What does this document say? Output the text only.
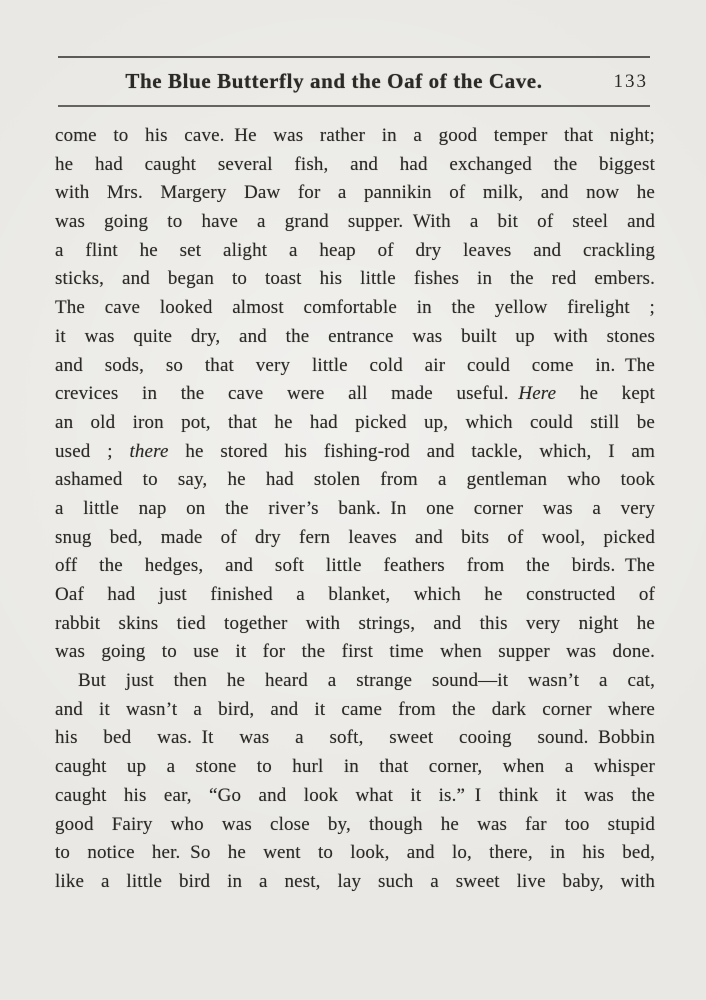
The Blue Butterfly and the Oaf of the Cave.	133
come to his cave. He was rather in a good temper that night;
he had caught several fish, and had exchanged the biggest
with Mrs. Margery Daw for a pannikin of milk, and now he
was going to have a grand supper. With a bit of steel and
a flint he set alight a heap of dry leaves and crackling
sticks, and began to toast his little fishes in the red embers.
The cave looked almost comfortable in the yellow firelight ;
it was quite dry, and the entrance was built up with stones
and sods, so that very little cold air could come in. The
crevices in the cave were all made useful. Here he kept
an old iron pot, that he had picked up, which could still be
used ; there he stored his fishing-rod and tackle, which, I am
ashamed to say, he had stolen from a gentleman who took
a little nap on the river’s bank. In one corner was a very
snug bed, made of dry fern leaves and bits of wool, picked
off the hedges, and soft little feathers from the birds. The
Oaf had just finished a blanket, which he constructed of
rabbit skins tied together with strings, and this very night he
was going to use it for the first time when supper was done.
But just then he heard a strange sound—it wasn’t a cat,
and it wasn’t a bird, and it came from the dark corner where
his bed was. It was a soft, sweet cooing sound. Bobbin
caught up a stone to hurl in that corner, when a whisper
caught his ear, “Go and look what it is.” I think it was the
good Fairy who was close by, though he was far too stupid
to notice her. So he went to look, and lo, there, in his bed,
like a little bird in a nest, lay such a sweet live baby, with
